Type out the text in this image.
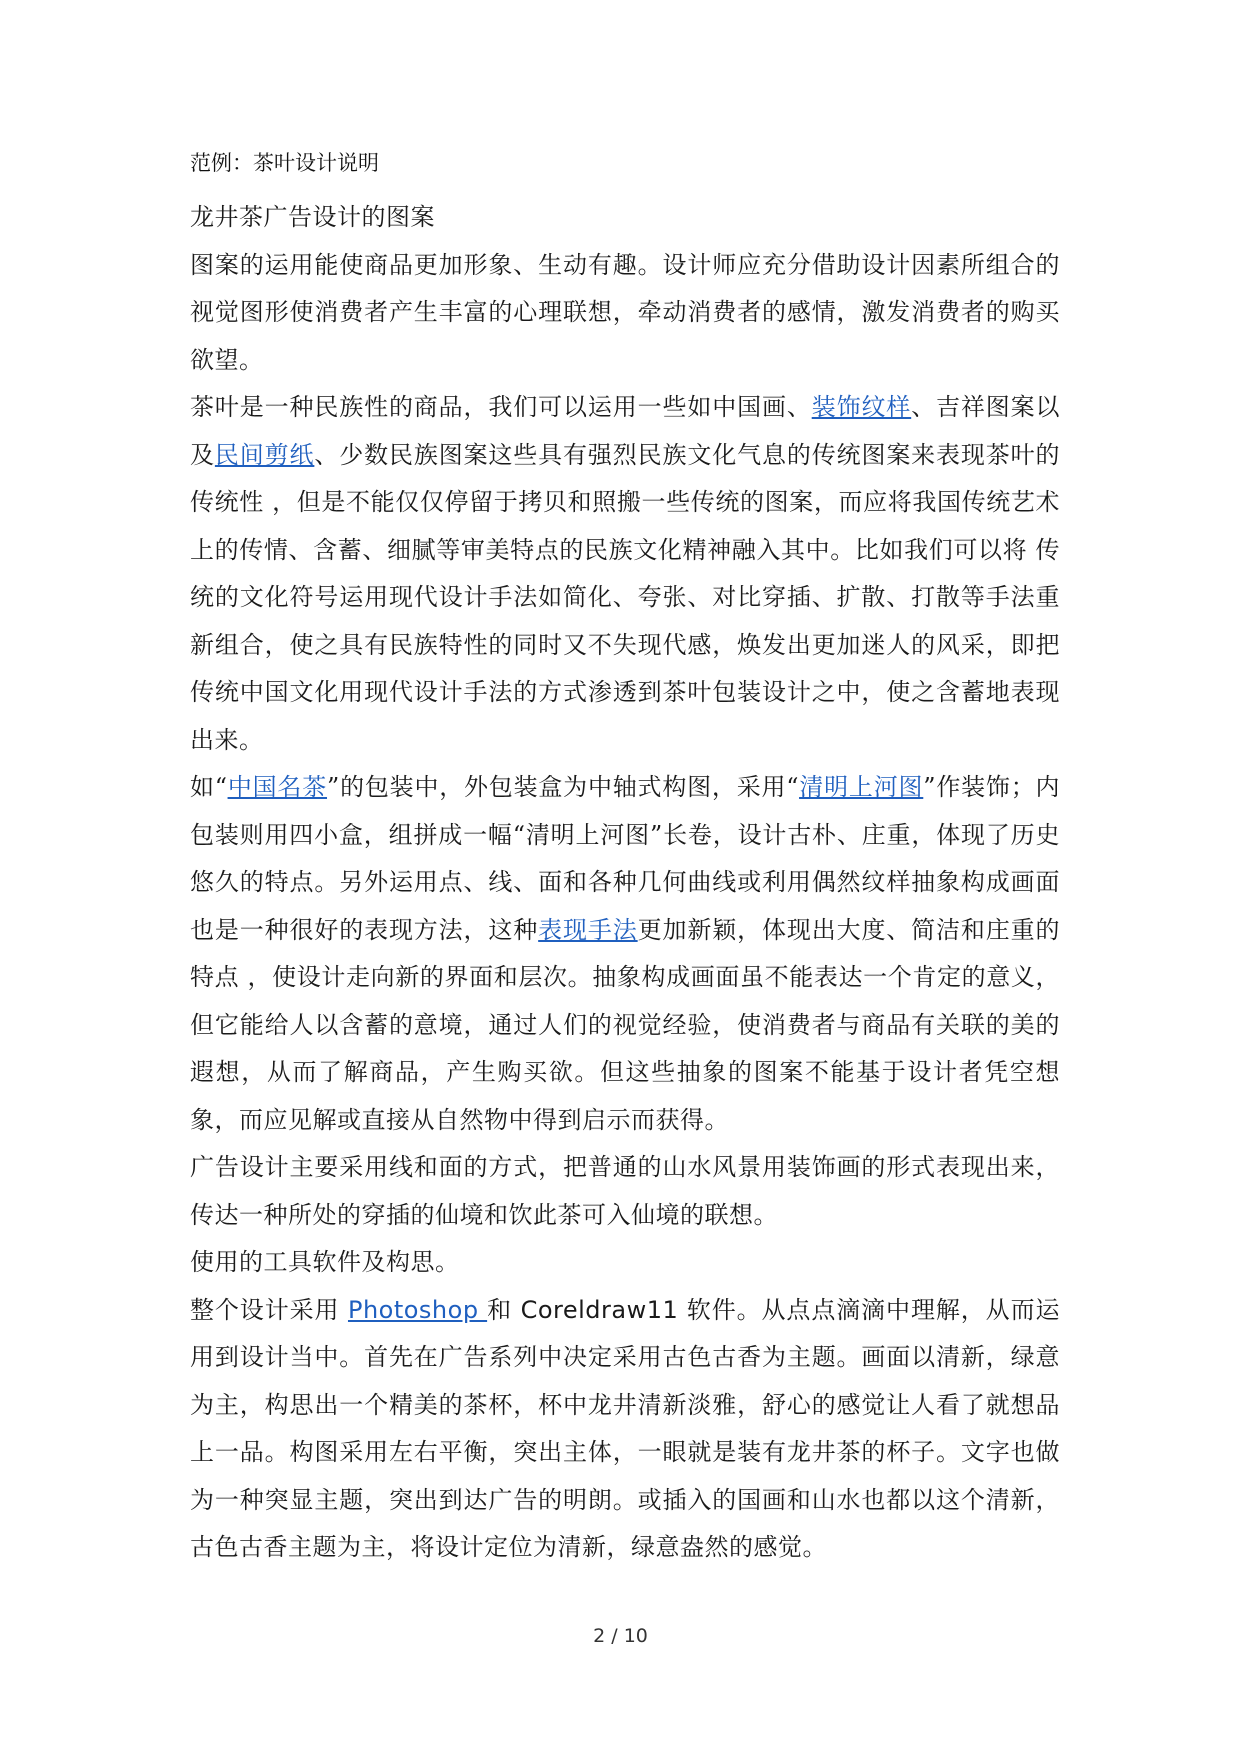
范例：茶叶设计说明

龙井茶广告设计的图案

图案的运用能使商品更加形象、生动有趣。设计师应充分借助设计因素所组合的视觉图形使消费者产生丰富的心理联想，牵动消费者的感情，激发消费者的购买欲望。

茶叶是一种民族性的商品，我们可以运用一些如中国画、装饰纹样、吉祥图案以及民间剪纸、少数民族图案这些具有强烈民族文化气息的传统图案来表现茶叶的传统性 ，但是不能仅仅停留于拷贝和照搬一些传统的图案，而应将我国传统艺术上的传情、含蓄、细腻等审美特点的民族文化精神融入其中。比如我们可以将 传统的文化符号运用现代设计手法如简化、夸张、对比穿插、扩散、打散等手法重新组合，使之具有民族特性的同时又不失现代感，焕发出更加迷人的风采，即把传统中国文化用现代设计手法的方式渗透到茶叶包装设计之中，使之含蓄地表现出来。

如“中国名茶”的包装中，外包装盒为中轴式构图，采用“清明上河图”作装饰；内包装则用四小盒，组拼成一幅“清明上河图”长卷，设计古朴、庄重，体现了历史悠久的特点。另外运用点、线、面和各种几何曲线或利用偶然纹样抽象构成画面也是一种很好的表现方法，这种表现手法更加新颖，体现出大度、简洁和庄重的特点 ，使设计走向新的界面和层次。抽象构成画面虽不能表达一个肯定的意义，但它能给人以含蓄的意境，通过人们的视觉经验，使消费者与商品有关联的美的遐想，从而了解商品，产生购买欲。但这些抽象的图案不能基于设计者凭空想象，而应见解或直接从自然物中得到启示而获得。

广告设计主要采用线和面的方式，把普通的山水风景用装饰画的形式表现出来，传达一种所处的穿插的仙境和饮此茶可入仙境的联想。

使用的工具软件及构思。

整个设计采用 Photoshop 和 Coreldraw11 软件。从点点滴滴中理解，从而运用到设计当中。首先在广告系列中决定采用古色古香为主题。画面以清新，绿意为主，构思出一个精美的茶杯，杯中龙井清新淡雅，舒心的感觉让人看了就想品上一品。构图采用左右平衡，突出主体，一眼就是装有龙井茶的杯子。文字也做为一种突显主题，突出到达广告的明朗。或插入的国画和山水也都以这个清新，古色古香主题为主，将设计定位为清新，绿意盎然的感觉。

2 / 10
